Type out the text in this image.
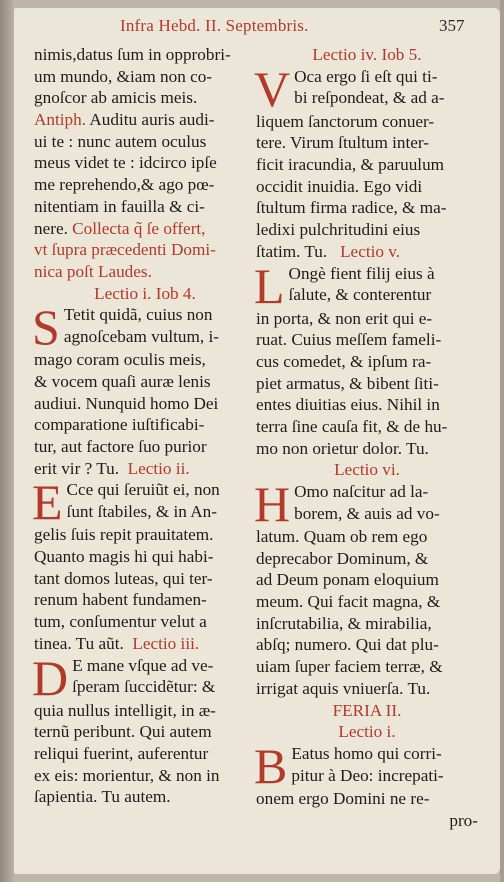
Infra Hebd. II. Septembris.	357
nimis,datus ſum in opprobri-
um mundo, &iam non co-
gnoſcor ab amicis meis.
Antiph. Auditu auris audi-
ui te : nunc autem oculus
meus videt te : idcirco ipſe
me reprehendo,& ago pœ-
nitentiam in fauilla & ci-
nere. Collecta q̃ ſe offert,
vt ſupra præcedenti Domi-
nica poſt Laudes.
Lectio i. Iob 4.
S Tetit quidã, cuius non
agnoſcebam vultum, i-
mago coram oculis meis,
& vocem quaſi auræ lenis
audiui. Nunquid homo Dei
comparatione iuſtificabi-
tur, aut factore ſuo purior
erit vir ? Tu. Lectio ii.
E Cce qui ſeruiũt ei, non
ſunt ſtabiles, & in An-
gelis ſuis repit prauitatem.
Quanto magis hi qui habi-
tant domos luteas, qui ter-
renum habent fundamen-
tum, conſumentur velut a
tinea. Tu aũt. Lectio iii.
D E mane vſque ad ve-
ſperam ſuccidẽtur: &
quia nullus intelligit, in æ-
ternũ peribunt. Qui autem
reliqui fuerint, auferentur
ex eis: morientur, & non in
ſapientia. Tu autem.
Lectio iv. Iob 5.
V Oca ergo ſi eſt qui ti-
bi reſpondeat, & ad a-
liquem ſanctorum conuer-
tere. Virum ſtultum inter-
ficit iracundia, & paruulum
occidit inuidia. Ego vidi
ſtultum firma radice, & ma-
ledixi pulchritudini eius
ſtatim. Tu. Lectio v.
L Ongè fient filij eius à
ſalute, & conterentur
in porta, & non erit qui e-
ruat. Cuius meſſem fameli-
cus comedet, & ipſum ra-
piet armatus, & bibent ſiti-
entes diuitias eius. Nihil in
terra ſine cauſa fit, & de hu-
mo non orietur dolor. Tu.
Lectio vi.
H Omo naſcitur ad la-
borem, & auis ad vo-
latum. Quam ob rem ego
deprecabor Dominum, &
ad Deum ponam eloquium
meum. Qui facit magna, &
inſcrutabilia, & mirabilia,
abſq; numero. Qui dat plu-
uiam ſuper faciem terræ, &
irrigat aquis vniuerſa. Tu.
FERIA II.
Lectio i.
B Eatus homo qui corri-
pitur à Deo: increpati-
onem ergo Domini ne re-
pro-
